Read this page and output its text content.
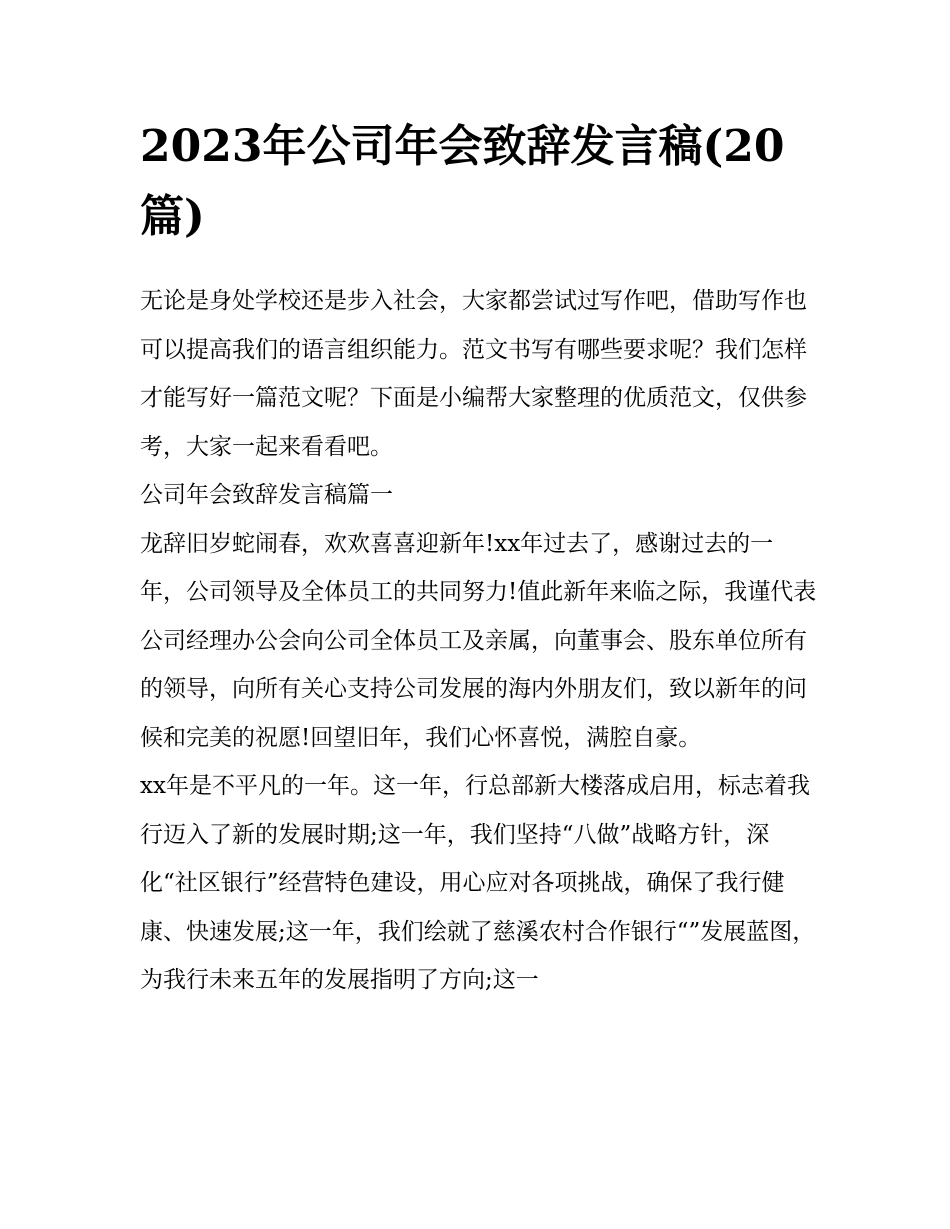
2023年公司年会致辞发言稿(20篇)

无论是身处学校还是步入社会，大家都尝试过写作吧，借助写作也可以提高我们的语言组织能力。范文书写有哪些要求呢？我们怎样才能写好一篇范文呢？下面是小编帮大家整理的优质范文，仅供参考，大家一起来看看吧。

公司年会致辞发言稿篇一

龙辞旧岁蛇闹春，欢欢喜喜迎新年!xx年过去了，感谢过去的一年，公司领导及全体员工的共同努力!值此新年来临之际，我谨代表公司经理办公会向公司全体员工及亲属，向董事会、股东单位所有的领导，向所有关心支持公司发展的海内外朋友们，致以新年的问候和完美的祝愿!回望旧年，我们心怀喜悦，满腔自豪。

xx年是不平凡的一年。这一年，行总部新大楼落成启用，标志着我行迈入了新的发展时期;这一年，我们坚持“八做”战略方针，深化“社区银行”经营特色建设，用心应对各项挑战，确保了我行健康、快速发展;这一年，我们绘就了慈溪农村合作银行“”发展蓝图，为我行未来五年的发展指明了方向;这一
